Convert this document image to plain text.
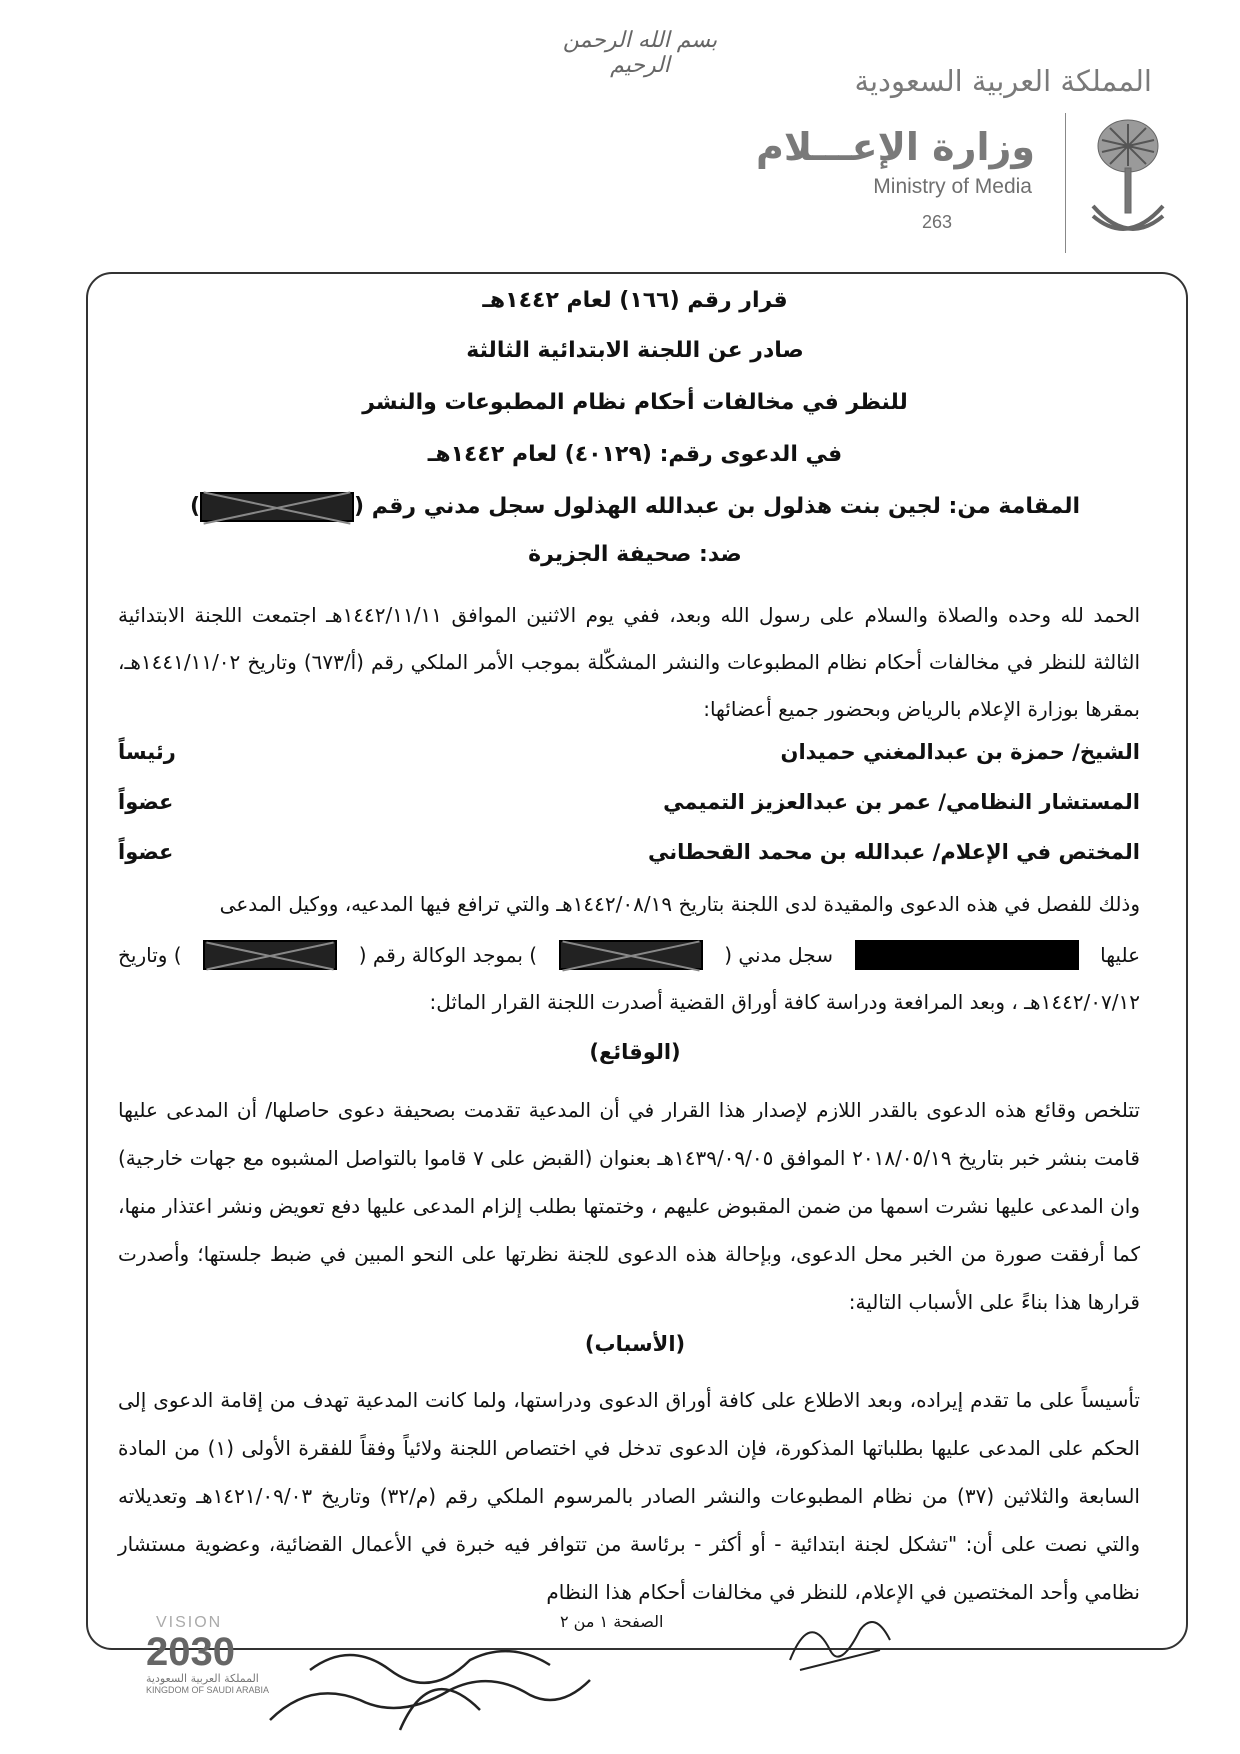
بسم الله الرحمن الرحيم	المملكة العربية السعودية
وزارة الإعـــلام
Ministry of Media
263
قرار رقم (١٦٦) لعام ١٤٤٢هـ
صادر عن اللجنة الابتدائية الثالثة
للنظر في مخالفات أحكام نظام المطبوعات والنشر
في الدعوى رقم: (٤٠١٢٩) لعام ١٤٤٢هـ
المقامة من: لجين بنت هذلول بن عبدالله الهذلول سجل مدني رقم ()
ضد: صحيفة الجزيرة
الحمد لله وحده والصلاة والسلام على رسول الله وبعد، ففي يوم الاثنين الموافق ١٤٤٢/١١/١١هـ اجتمعت اللجنة الابتدائية الثالثة للنظر في مخالفات أحكام نظام المطبوعات والنشر المشكّلة بموجب الأمر الملكي رقم (أ/٦٧٣) وتاريخ ١٤٤١/١١/٠٢هـ، بمقرها بوزارة الإعلام بالرياض وبحضور جميع أعضائها:
الشيخ/ حمزة بن عبدالمغني حميدان
رئيساً
المستشار النظامي/ عمر بن عبدالعزيز التميمي
عضواً
المختص في الإعلام/ عبدالله بن محمد القحطاني
عضواً
وذلك للفصل في هذه الدعوى والمقيدة لدى اللجنة بتاريخ ١٤٤٢/٠٨/١٩هـ والتي ترافع فيها المدعيه، ووكيل المدعى
عليها
سجل مدني (
) بموجد الوكالة رقم (
) وتاريخ
١٤٤٢/٠٧/١٢هـ ، وبعد المرافعة ودراسة كافة أوراق القضية أصدرت اللجنة القرار الماثل:
(الوقائع)
تتلخص وقائع هذه الدعوى بالقدر اللازم لإصدار هذا القرار في أن المدعية تقدمت بصحيفة دعوى حاصلها/ أن المدعى عليها قامت بنشر خبر بتاريخ ٢٠١٨/٠٥/١٩ الموافق ١٤٣٩/٠٩/٠٥هـ بعنوان (القبض على ٧ قاموا بالتواصل المشبوه مع جهات خارجية) وان المدعى عليها نشرت اسمها من ضمن المقبوض عليهم ، وختمتها بطلب إلزام المدعى عليها دفع تعويض ونشر اعتذار منها، كما أرفقت صورة من الخبر محل الدعوى، وبإحالة هذه الدعوى للجنة نظرتها على النحو المبين في ضبط جلستها؛ وأصدرت قرارها هذا بناءً على الأسباب التالية:
(الأسباب)
تأسيساً على ما تقدم إيراده، وبعد الاطلاع على كافة أوراق الدعوى ودراستها، ولما كانت المدعية تهدف من إقامة الدعوى إلى الحكم على المدعى عليها بطلباتها المذكورة، فإن الدعوى تدخل في اختصاص اللجنة ولائياً وفقاً للفقرة الأولى (١) من المادة السابعة والثلاثين (٣٧) من نظام المطبوعات والنشر الصادر بالمرسوم الملكي رقم (م/٣٢) وتاريخ ١٤٢١/٠٩/٠٣هـ وتعديلاته والتي نصت على أن: "تشكل لجنة ابتدائية - أو أكثر - برئاسة من تتوافر فيه خبرة في الأعمال القضائية، وعضوية مستشار نظامي وأحد المختصين في الإعلام، للنظر في مخالفات أحكام هذا النظام
الصفحة ١ من ٢
VISION
2030
المملكة العربية السعودية
KINGDOM OF SAUDI ARABIA
